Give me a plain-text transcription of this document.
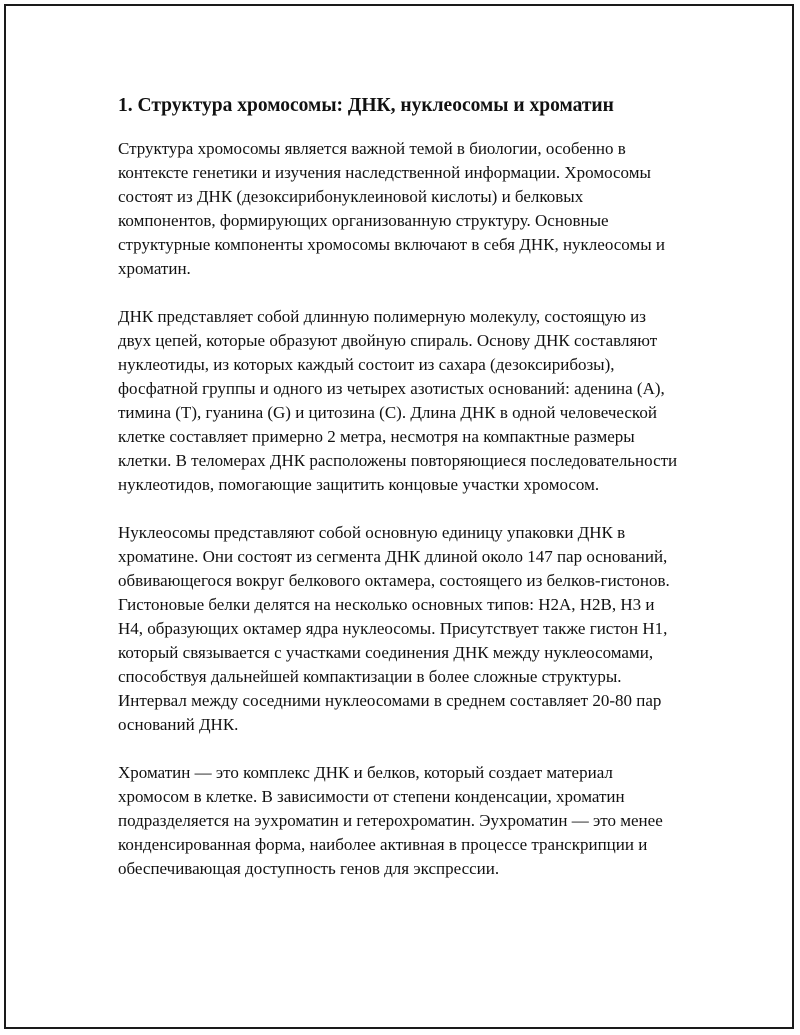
1. Структура хромосомы: ДНК, нуклеосомы и хроматин

Структура хромосомы является важной темой в биологии, особенно в контексте генетики и изучения наследственной информации. Хромосомы состоят из ДНК (дезоксирибонуклеиновой кислоты) и белковых компонентов, формирующих организованную структуру. Основные структурные компоненты хромосомы включают в себя ДНК, нуклеосомы и хроматин.

ДНК представляет собой длинную полимерную молекулу, состоящую из двух цепей, которые образуют двойную спираль. Основу ДНК составляют нуклеотиды, из которых каждый состоит из сахара (дезоксирибозы), фосфатной группы и одного из четырех азотистых оснований: аденина (A), тимина (T), гуанина (G) и цитозина (C). Длина ДНК в одной человеческой клетке составляет примерно 2 метра, несмотря на компактные размеры клетки. В теломерах ДНК расположены повторяющиеся последовательности нуклеотидов, помогающие защитить концовые участки хромосом.

Нуклеосомы представляют собой основную единицу упаковки ДНК в хроматине. Они состоят из сегмента ДНК длиной около 147 пар оснований, обвивающегося вокруг белкового октамера, состоящего из белков-гистонов. Гистоновые белки делятся на несколько основных типов: H2A, H2B, H3 и H4, образующих октамер ядра нуклеосомы. Присутствует также гистон H1, который связывается с участками соединения ДНК между нуклеосомами, способствуя дальнейшей компактизации в более сложные структуры. Интервал между соседними нуклеосомами в среднем составляет 20-80 пар оснований ДНК.

Хроматин — это комплекс ДНК и белков, который создает материал хромосом в клетке. В зависимости от степени конденсации, хроматин подразделяется на эухроматин и гетерохроматин. Эухроматин — это менее конденсированная форма, наиболее активная в процессе транскрипции и обеспечивающая доступность генов для экспрессии.
